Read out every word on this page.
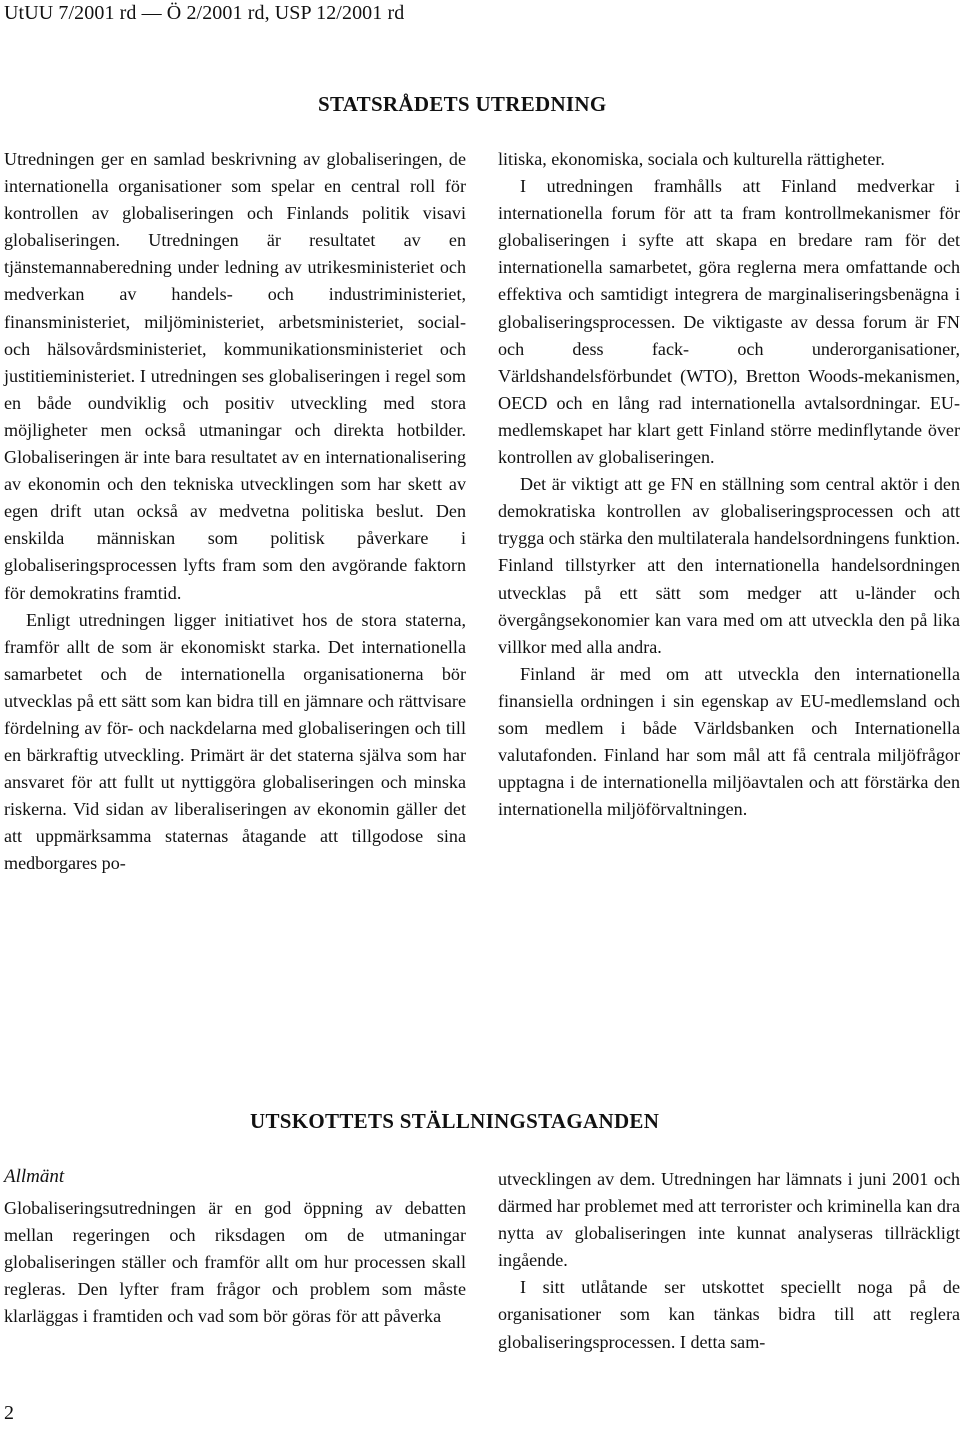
UtUU 7/2001 rd — Ö 2/2001 rd, USP 12/2001 rd
STATSRÅDETS UTREDNING

Utredningen ger en samlad beskrivning av globaliseringen, de internationella organisationer som spelar en central roll för kontrollen av globaliseringen och Finlands politik visavi globaliseringen. Utredningen är resultatet av en tjänstemannaberedning under ledning av utrikesministeriet och medverkan av handels- och industriministeriet, finansministeriet, miljöministeriet, arbetsministeriet, social- och hälsovårdsministeriet, kommunikationsministeriet och justitieministeriet. I utredningen ses globaliseringen i regel som en både oundviklig och positiv utveckling med stora möjligheter men också utmaningar och direkta hotbilder. Globaliseringen är inte bara resultatet av en internationalisering av ekonomin och den tekniska utvecklingen som har skett av egen drift utan också av medvetna politiska beslut. Den enskilda människan som politisk påverkare i globaliseringsprocessen lyfts fram som den avgörande faktorn för demokratins framtid.

Enligt utredningen ligger initiativet hos de stora staterna, framför allt de som är ekonomiskt starka. Det internationella samarbetet och de internationella organisationerna bör utvecklas på ett sätt som kan bidra till en jämnare och rättvisare fördelning av för- och nackdelarna med globaliseringen och till en bärkraftig utveckling. Primärt är det staterna själva som har ansvaret för att fullt ut nyttiggöra globaliseringen och minska riskerna. Vid sidan av liberaliseringen av ekonomin gäller det att uppmärksamma staternas åtagande att tillgodose sina medborgares po-

litiska, ekonomiska, sociala och kulturella rättigheter.

I utredningen framhålls att Finland medverkar i internationella forum för att ta fram kontrollmekanismer för globaliseringen i syfte att skapa en bredare ram för det internationella samarbetet, göra reglerna mera omfattande och effektiva och samtidigt integrera de marginaliseringsbenägna i globaliseringsprocessen. De viktigaste av dessa forum är FN och dess fack- och underorganisationer, Världshandelsförbundet (WTO), Bretton Woods-mekanismen, OECD och en lång rad internationella avtalsordningar. EU-medlemskapet har klart gett Finland större medinflytande över kontrollen av globaliseringen.

Det är viktigt att ge FN en ställning som central aktör i den demokratiska kontrollen av globaliseringsprocessen och att trygga och stärka den multilaterala handelsordningens funktion. Finland tillstyrker att den internationella handelsordningen utvecklas på ett sätt som medger att u-länder och övergångsekonomier kan vara med om att utveckla den på lika villkor med alla andra.

Finland är med om att utveckla den internationella finansiella ordningen i sin egenskap av EU-medlemsland och som medlem i både Världsbanken och Internationella valutafonden. Finland har som mål att få centrala miljöfrågor upptagna i de internationella miljöavtalen och att förstärka den internationella miljöförvaltningen.

UTSKOTTETS STÄLLNINGSTAGANDEN
Allmänt

Globaliseringsutredningen är en god öppning av debatten mellan regeringen och riksdagen om de utmaningar globaliseringen ställer och framför allt om hur processen skall regleras. Den lyfter fram frågor och problem som måste klarläggas i framtiden och vad som bör göras för att påverka

utvecklingen av dem. Utredningen har lämnats i juni 2001 och därmed har problemet med att terrorister och kriminella kan dra nytta av globaliseringen inte kunnat analyseras tillräckligt ingående.

I sitt utlåtande ser utskottet speciellt noga på de organisationer som kan tänkas bidra till att reglera globaliseringsprocessen. I detta sam-

2
